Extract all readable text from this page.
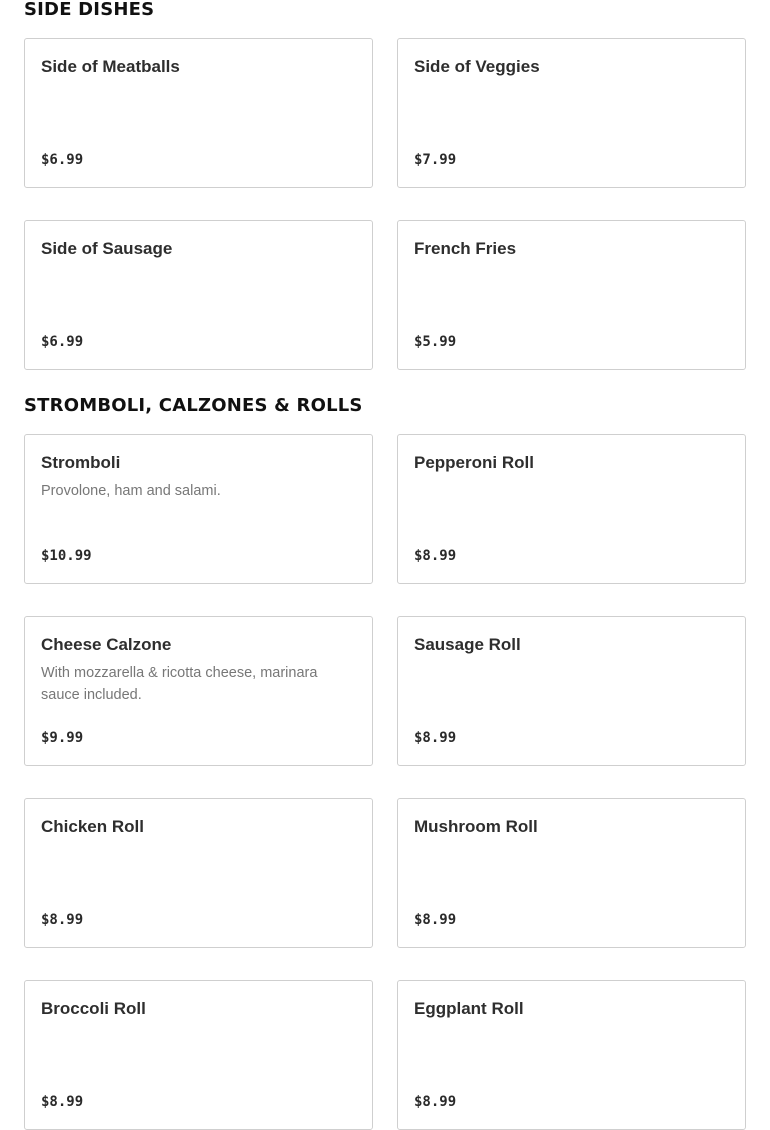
SIDE DISHES
Side of Meatballs
$6.99
Side of Veggies
$7.99
Side of Sausage
$6.99
French Fries
$5.99
STROMBOLI, CALZONES & ROLLS
Stromboli
Provolone, ham and salami.
$10.99
Pepperoni Roll
$8.99
Cheese Calzone
With mozzarella & ricotta cheese, marinara sauce included.
$9.99
Sausage Roll
$8.99
Chicken Roll
$8.99
Mushroom Roll
$8.99
Broccoli Roll
$8.99
Eggplant Roll
$8.99
